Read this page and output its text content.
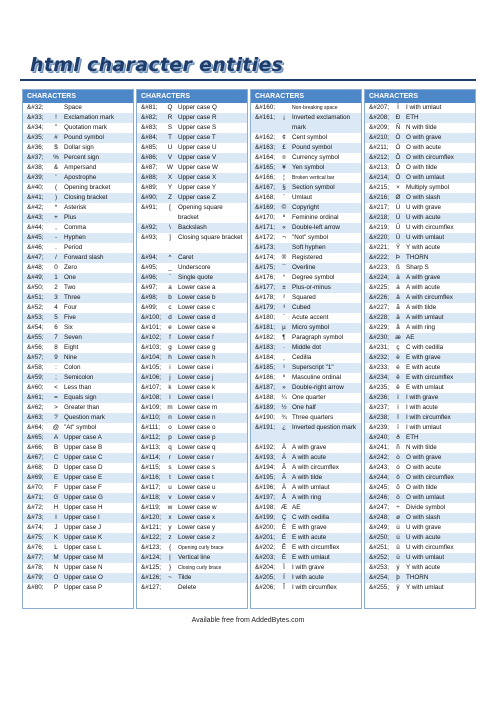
html character entities
CHARACTERS
&#32;	Space
&#33;	!	Exclamation mark
&#34;	"	Quotation mark
&#35;	# Pound symbol
&#36;	$ Dollar sign
&#37;	% Percent sign
&#38;	& Ampersand
&#39;	'	Apostrophe
&#40;	(	Opening bracket
&#41;	)	Closing bracket
&#42;	*	Asterisk
&#43;	+ Plus
&#44;	,	Comma
&#45;	-	Hyphen
&#46;	.	Period
&#47;	/	Forward slash
&#48;	0 Zero
&#49;	1 One
&#50;	2 Two
&#51;	3 Three
&#52;	4 Four
&#53;	5 Five
&#54;	6 Six
&#55;	7 Seven
&#56;	8 Eight
&#57;	9 Nine
&#58;	:	Colon
&#59;	;	Semicolon
&#60;	< Less than
&#61;	= Equals sign
&#62;	> Greater than
&#63;	? Question mark
&#64; @ "At" symbol
&#65;	A Upper case A
&#66;	B Upper case B
&#67;	C Upper case C
&#68;	D Upper case D
&#69;	E Upper case E
&#70;	F Upper case F
&#71;	G Upper case G
&#72;	H Upper case H
&#73;	I	Upper case I
&#74;	J	Upper case J
&#75;	K Upper case K
&#76;	L Upper case L
&#77;	M Upper case M
&#78;	N Upper case N
&#79;	O Upper case O
&#80;	P Upper case P
CHARACTERS
&#81;	Q Upper case Q
&#82;	R Upper case R
&#83;	S Upper case S
&#84;	T Upper case T
&#85;	U Upper case U
&#86;	V Upper case V
&#87;	W Upper case W
&#88;	X Upper case X
&#89;	Y Upper case Y
&#90;	Z Upper case Z
&#91;	[	Opening square bracket
&#92;	\	Backslash
&#93;	]	Closing square bracket
&#94;	^	Caret
&#95;	_ Underscore
&#96;	`	Single quote
&#97;	a Lower case a
&#98;	b Lower case b
&#99;	c	Lower case c
&#100;	d Lower case d
&#101;	e Lower case e
&#102;	f	Lower case f
&#103;	g Lower case g
&#104;	h Lower case h
&#105;	i	Lower case i
&#106;	j	Lower case j
&#107;	k	Lower case k
&#108;	l	Lower case l
&#109;	m Lower case m
&#110;	n Lower case n
&#111;	o Lower case o
&#112;	p Lower case p
&#113;	q Lower case q
&#114;	r	Lower case r
&#115;	s	Lower case s
&#116;	t	Lower case t
&#117;	u Lower case u
&#118;	v	Lower case v
&#119;	w Lower case w
&#120;	x	Lower case x
&#121;	y	Lower case y
&#122;	z	Lower case z
&#123;	{	Opening curly brace
&#124;	|	Vertical line
&#125;	}	Closing curly brace
&#126;	~ Tilde
&#127;	Delete
CHARACTERS
&#160;	Non-breaking space
&#161;	¡	Inverted exclamation mark
&#162;	¢ Cent symbol
&#163;	£ Pound symbol
&#164;	¤ Currency symbol
&#165;	¥ Yen symbol
&#166;	¦	Broken vertical bar
&#167;	§ Section symbol
&#168;	¨	Umlaut
&#169;	© Copyright
&#170;	ª	Feminine ordinal
&#171;	« Double-left arrow
&#172;	¬ "Not" symbol
&#173;	Soft hyphen
&#174;	® Registered
&#175;	¯ Overline
&#176;	°	Degree symbol
&#177;	± Plus-or-minus
&#178;	²	Squared
&#179;	³	Cubed
&#180;	´	Acute accent
&#181;	µ Micro symbol
&#182;	¶	Paragraph symbol
&#183;	·	Middle dot
&#184;	¸	Cedilla
&#185;	¹	Superscript "1"
&#186;	º	Masculine ordinal
&#187;	» Double-right arrow
&#188;	¼ One quarter
&#189;	½ One half
&#190;	¾ Three quarters
&#191;	¿ Inverted question mark
&#192;	À A with grave
&#193;	Á A with acute
&#194;	Â A with circumflex
&#195;	Ã A with tilde
&#196;	Ä A with umlaut
&#197;	Å A with ring
&#198; Æ AE
&#199;	Ç C with cedilla
&#200;	È E with grave
&#201;	É E with acute
&#202;	Ê E with circumflex
&#203;	Ë E with umlaut
&#204;	Ì	I with grave
&#205;	Í	I with acute
&#206;	Î	I with circumflex
CHARACTERS
&#207;	Ï	I with umlaut
&#208;	Ð ETH
&#209;	Ñ N with tilde
&#210;	Ò O with grave
&#211;	Ó O with acute
&#212;	Ô O with circumflex
&#213;	Õ O with tilde
&#214;	Ö O with umlaut
&#215;	× Multiply symbol
&#216;	Ø O with slash
&#217;	Ù U with grave
&#218;	Ú U with acute
&#219;	Û U with circumflex
&#220;	Ü U with umlaut
&#221;	Ý Y with acute
&#222;	Þ THORN
&#223;	ß Sharp S
&#224;	à A with grave
&#225;	á A with acute
&#226;	â A with circumflex
&#227;	ã A with tilde
&#228;	ä A with umlaut
&#229;	å A with ring
&#230; æ AE
&#231;	ç	C with cedilla
&#232;	è E with grave
&#233;	é E with acute
&#234;	ê E with circumflex
&#235;	ë E with umlaut
&#236;	ì	I with grave
&#237;	í	I with acute
&#238;	î	I with circumflex
&#239;	ï	I with umlaut
&#240;	ð ETH
&#241;	ñ N with tilde
&#242;	ò O with grave
&#243;	ó O with acute
&#244;	ô O with circumflex
&#245;	õ O with tilde
&#246;	ö O with umlaut
&#247;	÷ Divide symbol
&#248;	ø O with slash
&#249;	ù U with grave
&#250;	ú U with acute
&#251;	û U with circumflex
&#252;	ü U with umlaut
&#253;	ý	Y with acute
&#254;	þ THORN
&#255;	ÿ	Y with umlaut
Available free from AddedBytes.com
